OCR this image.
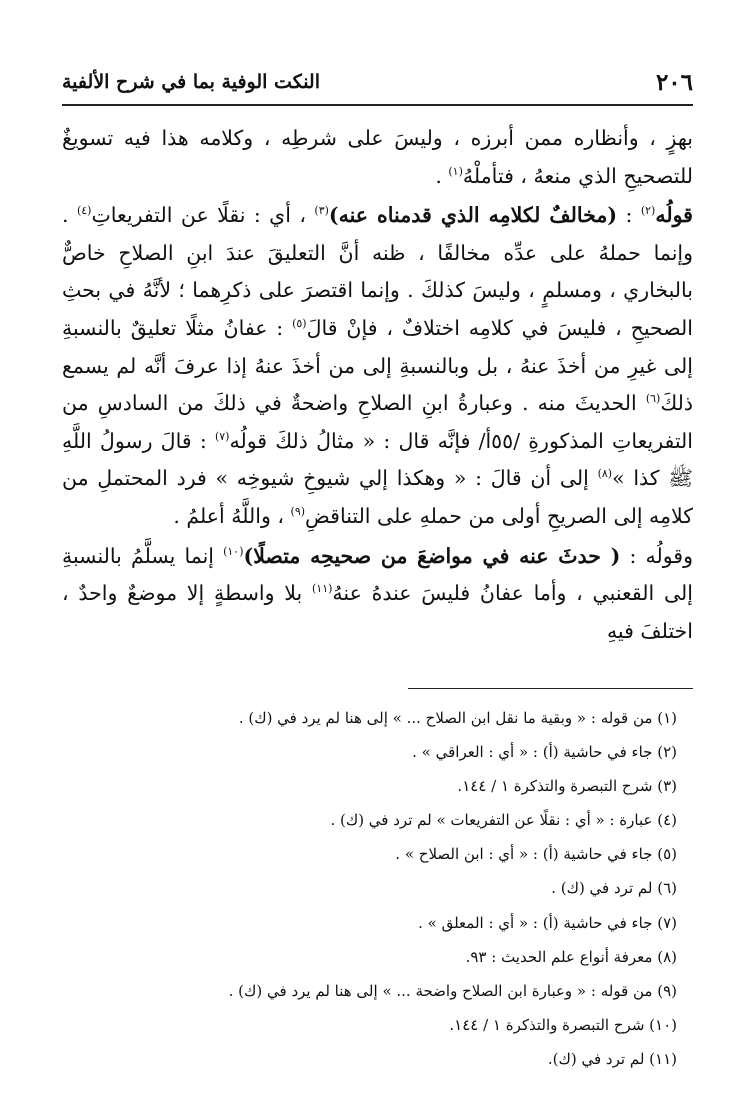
٢٠٦
النكت الوفية بما في شرح الألفية

بهزٍ ، وأنظاره ممن أبرزه ، وليسَ على شرطِه ، وكلامه هذا فيه تسويغٌ للتصحيحِ الذي منعهُ ، فتأملْهُ$^{(١)}$ .

قولُه$^{(٢)}$ : (مخالفٌ لكلامِه الذي قدمناه عنه)$^{(٣)}$ ، أي : نقلًا عن التفريعاتِ$^{(٤)}$ . وإنما حملهُ على عدِّه مخالفًا ، ظنه أنَّ التعليقَ عندَ ابنِ الصلاحِ خاصٌّ بالبخاري ، ومسلمٍ ، وليسَ كذلكَ . وإنما اقتصرَ على ذكرِهما ؛ لأنَّهُ في بحثِ الصحيحِ ، فليسَ في كلامِه اختلافٌ ، فإنْ قالَ$^{(٥)}$ : عفانُ مثلًا تعليقٌ بالنسبةِ إلى غيرِ من أخذَ عنهُ ، بل وبالنسبةِ إلى من أخذَ عنهُ إذا عرفَ أنَّه لم يسمع ذلكَ$^{(٦)}$ الحديثَ منه . وعبارةُ ابنِ الصلاحِ واضحةٌ في ذلكَ من السادسِ من التفريعاتِ المذكورةِ /٥٥أ/ فإنَّه قال : « مثالُ ذلكَ قولُه$^{(٧)}$ : قالَ رسولُ اللَّهِ ﷺ كذا »$^{(٨)}$ إلى أن قالَ : « وهكذا إلي شيوخِ شيوخِه » فرد المحتملِ من كلامِه إلى الصريحِ أولى من حملهِ على التناقضِ$^{(٩)}$ ، واللَّهُ أعلمُ .

وقولُه : ( حدثَ عنه في مواضعَ من صحيحِه متصلًا)$^{(١٠)}$ إنما يسلَّمُ بالنسبةِ إلى القعنبي ، وأما عفانُ فليسَ عندهُ عنهُ$^{(١١)}$ بلا واسطةٍ إلا موضعٌ واحدٌ ، اختلفَ فيهِ

(١) من قوله : « وبقية ما نقل ابن الصلاح ... » إلى هنا لم يرد في (ك) .
(٢) جاء في حاشية (أ) : « أي : العراقي » .
(٣) شرح التبصرة والتذكرة ١ / ١٤٤.
(٤) عبارة : « أي : نقلًا عن التفريعات » لم ترد في (ك) .
(٥) جاء في حاشية (أ) : « أي : ابن الصلاح » .
(٦) لم ترد في (ك) .
(٧) جاء في حاشية (أ) : « أي : المعلق » .
(٨) معرفة أنواع علم الحديث : ٩٣.
(٩) من قوله : « وعبارة ابن الصلاح واضحة ... » إلى هنا لم يرد في (ك) .
(١٠) شرح التبصرة والتذكرة ١ / ١٤٤.
(١١) لم ترد في (ك).
